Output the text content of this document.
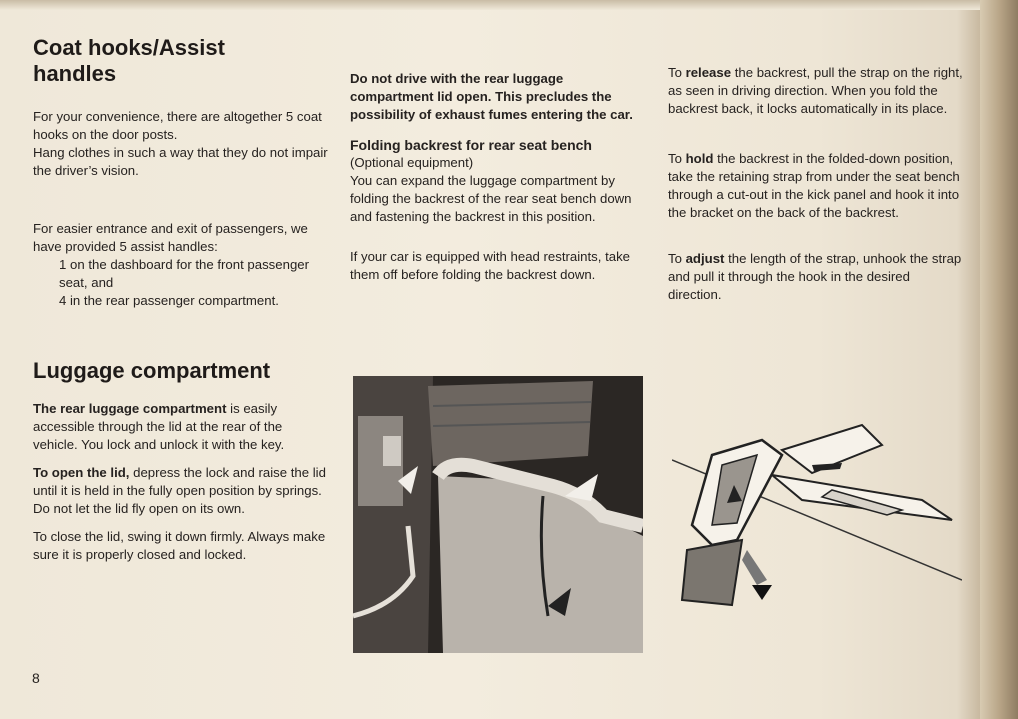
Coat hooks/Assist handles

For your convenience, there are altogether 5 coat hooks on the door posts.

Hang clothes in such a way that they do not impair the driver’s vision.

For easier entrance and exit of passengers, we have provided 5 assist handles:

1 on the dashboard for the front passenger seat, and

4 in the rear passenger compartment.

Luggage compartment

The rear luggage compartment is easily accessible through the lid at the rear of the vehicle. You lock and unlock it with the key.

To open the lid, depress the lock and raise the lid until it is held in the fully open position by springs. Do not let the lid fly open on its own.

To close the lid, swing it down firmly. Always make sure it is properly closed and locked.

8

Do not drive with the rear luggage compartment lid open. This precludes the possibility of exhaust fumes entering the car.

Folding backrest for rear seat bench

(Optional equipment)

You can expand the luggage compartment by folding the backrest of the rear seat bench down and fastening the backrest in this position.

If your car is equipped with head restraints, take them off before folding the backrest down.

To release the backrest, pull the strap on the right, as seen in driving direction. When you fold the backrest back, it locks automatically in its place.

To hold the backrest in the folded-down position, take the retaining strap from under the seat bench through a cut-out in the kick panel and hook it into the bracket on the back of the backrest.

To adjust the length of the strap, unhook the strap and pull it through the hook in the desired direction.
